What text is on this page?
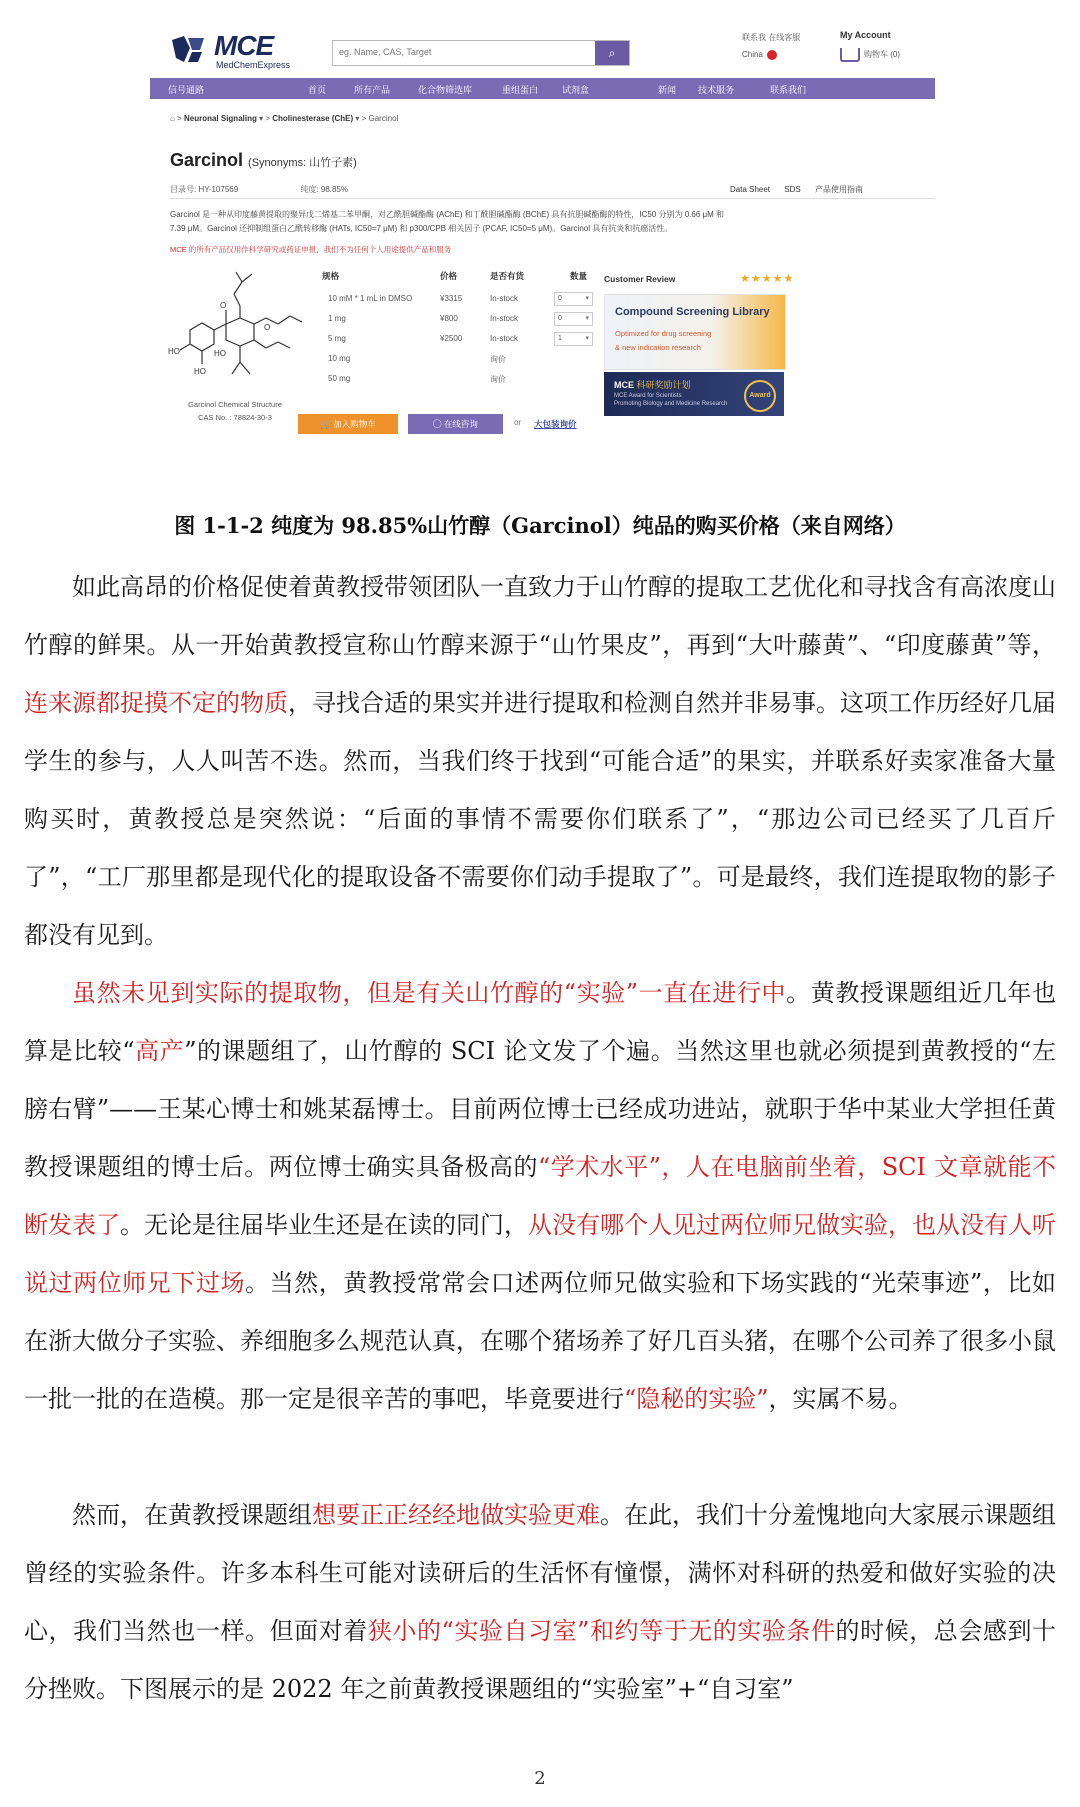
MCE
MedChemExpress
eg. Name, CAS, Target
⌕
联系我 在线客服
China
My Account
购物车 (0)
信号通路	首页	所有产品	化合物筛选库	重组蛋白	试剂盒	新闻 技术服务	联系我们
⌂ > Neuronal Signaling ▾ > Cholinesterase (ChE) ▾ > Garcinol
Garcinol (Synonyms: 山竹子素)
目录号: HY-107569	纯度: 98.85%	Data Sheet SDS 产品使用指南
Garcinol 是一种从印度藤黄提取的聚异戊二烯基二苯甲酮，对乙酰胆碱酯酶 (AChE) 和丁酰胆碱酯酶 (BChE) 具有抗胆碱酯酶的特性，IC50 分别为 0.66 μM 和
7.39 μM。Garcinol 还抑制组蛋白乙酰转移酶 (HATs, IC50=7 μM) 和 p300/CPB 相关因子 (PCAF, IC50=5 μM)。Garcinol 具有抗炎和抗癌活性。
MCE 的所有产品仅用作科学研究或药证申报，我们不为任何个人用途提供产品和服务
HO
HO
O
HO
O
Garcinol Chemical Structure
CAS No. : 78824-30-3
规格	价格	是否有货	数量
10 mM * 1 mL in DMSO	¥3315	In-stock	0 ▾
1 mg	¥800	In-stock	0 ▾
5 mg	¥2500	In-stock	1 ▾
10 mg	询价
50 mg	询价
🛒 加入购物车	◯ 在线咨询	or 大包装询价
Customer Review	★★★★★
Compound Screening Library
Optimized for drug screening
& new indication research
MCE 科研奖励计划
MCE Award for Scientists
Promoting Biology and Medicine Research
Award
图 1-1-2 纯度为 98.85%山竹醇（Garcinol）纯品的购买价格（来自网络）
如此高昂的价格促使着黄教授带领团队一直致力于山竹醇的提取工艺优化和寻找含有高浓度山竹醇的鲜果。从一开始黄教授宣称山竹醇来源于“山竹果皮”，再到“大叶藤黄”、“印度藤黄”等，连来源都捉摸不定的物质，寻找合适的果实并进行提取和检测自然并非易事。这项工作历经好几届学生的参与，人人叫苦不迭。然而，当我们终于找到“可能合适”的果实，并联系好卖家准备大量购买时，黄教授总是突然说：“后面的事情不需要你们联系了”，“那边公司已经买了几百斤了”，“工厂那里都是现代化的提取设备不需要你们动手提取了”。可是最终，我们连提取物的影子都没有见到。
虽然未见到实际的提取物，但是有关山竹醇的“实验”一直在进行中。黄教授课题组近几年也算是比较“高产”的课题组了，山竹醇的 SCI 论文发了个遍。当然这里也就必须提到黄教授的“左膀右臂”——王某心博士和姚某磊博士。目前两位博士已经成功进站，就职于华中某业大学担任黄教授课题组的博士后。两位博士确实具备极高的“学术水平”，人在电脑前坐着，SCI 文章就能不断发表了。无论是往届毕业生还是在读的同门，从没有哪个人见过两位师兄做实验，也从没有人听说过两位师兄下过场。当然，黄教授常常会口述两位师兄做实验和下场实践的“光荣事迹”，比如在浙大做分子实验、养细胞多么规范认真，在哪个猪场养了好几百头猪，在哪个公司养了很多小鼠一批一批的在造模。那一定是很辛苦的事吧，毕竟要进行“隐秘的实验”，实属不易。
然而，在黄教授课题组想要正正经经地做实验更难。在此，我们十分羞愧地向大家展示课题组曾经的实验条件。许多本科生可能对读研后的生活怀有憧憬，满怀对科研的热爱和做好实验的决心，我们当然也一样。但面对着狭小的“实验自习室”和约等于无的实验条件的时候，总会感到十分挫败。下图展示的是 2022 年之前黄教授课题组的“实验室”+“自习室”
2
